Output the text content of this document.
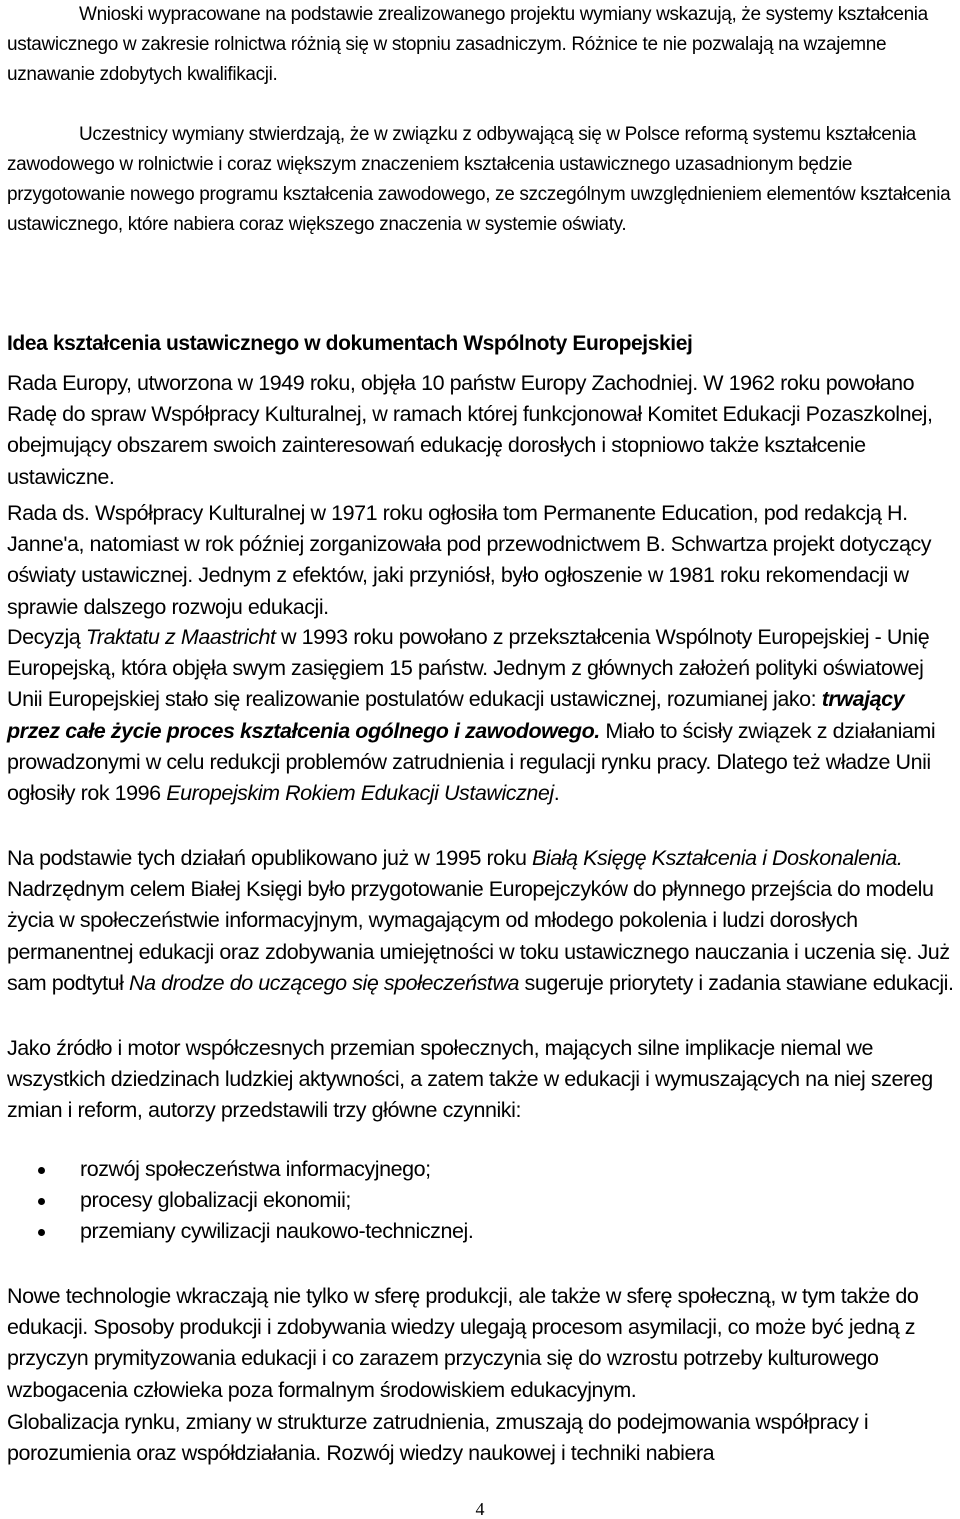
Wnioski wypracowane na podstawie zrealizowanego projektu wymiany wskazują, że systemy kształcenia ustawicznego w zakresie rolnictwa różnią się w stopniu zasadniczym. Różnice te nie pozwalają na wzajemne uznawanie zdobytych kwalifikacji.

Uczestnicy wymiany stwierdzają, że w związku z odbywającą się w Polsce reformą systemu kształcenia zawodowego w rolnictwie i coraz większym znaczeniem kształcenia ustawicznego uzasadnionym będzie przygotowanie nowego programu kształcenia zawodowego, ze szczególnym uwzględnieniem elementów kształcenia ustawicznego, które nabiera coraz większego znaczenia w systemie oświaty.

Idea kształcenia ustawicznego w dokumentach Wspólnoty Europejskiej

Rada Europy, utworzona w 1949 roku, objęła 10 państw Europy Zachodniej. W 1962 roku powołano Radę do spraw Współpracy Kulturalnej, w ramach której funkcjonował Komitet Edukacji Pozaszkolnej, obejmujący obszarem swoich zainteresowań edukację dorosłych i stopniowo także kształcenie ustawiczne.

Rada ds. Współpracy Kulturalnej w 1971 roku ogłosiła tom Permanente Education, pod redakcją H. Janne'a, natomiast w rok później zorganizowała pod przewodnictwem B. Schwartza projekt dotyczący oświaty ustawicznej. Jednym z efektów, jaki przyniósł, było ogłoszenie w 1981 roku rekomendacji w sprawie dalszego rozwoju edukacji.

Decyzją Traktatu z Maastricht w 1993 roku powołano z przekształcenia Wspólnoty Europejskiej - Unię Europejską, która objęła swym zasięgiem 15 państw. Jednym z głównych założeń polityki oświatowej Unii Europejskiej stało się realizowanie postulatów edukacji ustawicznej, rozumianej jako: trwający przez całe życie proces kształcenia ogólnego i zawodowego. Miało to ścisły związek z działaniami prowadzonymi w celu redukcji problemów zatrudnienia i regulacji rynku pracy. Dlatego też władze Unii ogłosiły rok 1996 Europejskim Rokiem Edukacji Ustawicznej.

Na podstawie tych działań opublikowano już w 1995 roku Białą Księgę Kształcenia i Doskonalenia. Nadrzędnym celem Białej Księgi było przygotowanie Europejczyków do płynnego przejścia do modelu życia w społeczeństwie informacyjnym, wymagającym od młodego pokolenia i ludzi dorosłych permanentnej edukacji oraz zdobywania umiejętności w toku ustawicznego nauczania i uczenia się. Już sam podtytuł Na drodze do uczącego się społeczeństwa sugeruje priorytety i zadania stawiane edukacji.

Jako źródło i motor współczesnych przemian społecznych, mających silne implikacje niemal we wszystkich dziedzinach ludzkiej aktywności, a zatem także w edukacji i wymuszających na niej szereg zmian i reform, autorzy przedstawili trzy główne czynniki:

rozwój społeczeństwa informacyjnego;
procesy globalizacji ekonomii;
przemiany cywilizacji naukowo-technicznej.

Nowe technologie wkraczają nie tylko w sferę produkcji, ale także w sferę społeczną, w tym także do edukacji. Sposoby produkcji i zdobywania wiedzy ulegają procesom asymilacji, co może być jedną z przyczyn prymityzowania edukacji i co zarazem przyczynia się do wzrostu potrzeby kulturowego wzbogacenia człowieka poza formalnym środowiskiem edukacyjnym.

Globalizacja rynku, zmiany w strukturze zatrudnienia, zmuszają do podejmowania współpracy i porozumienia oraz współdziałania. Rozwój wiedzy naukowej i techniki nabiera

4
